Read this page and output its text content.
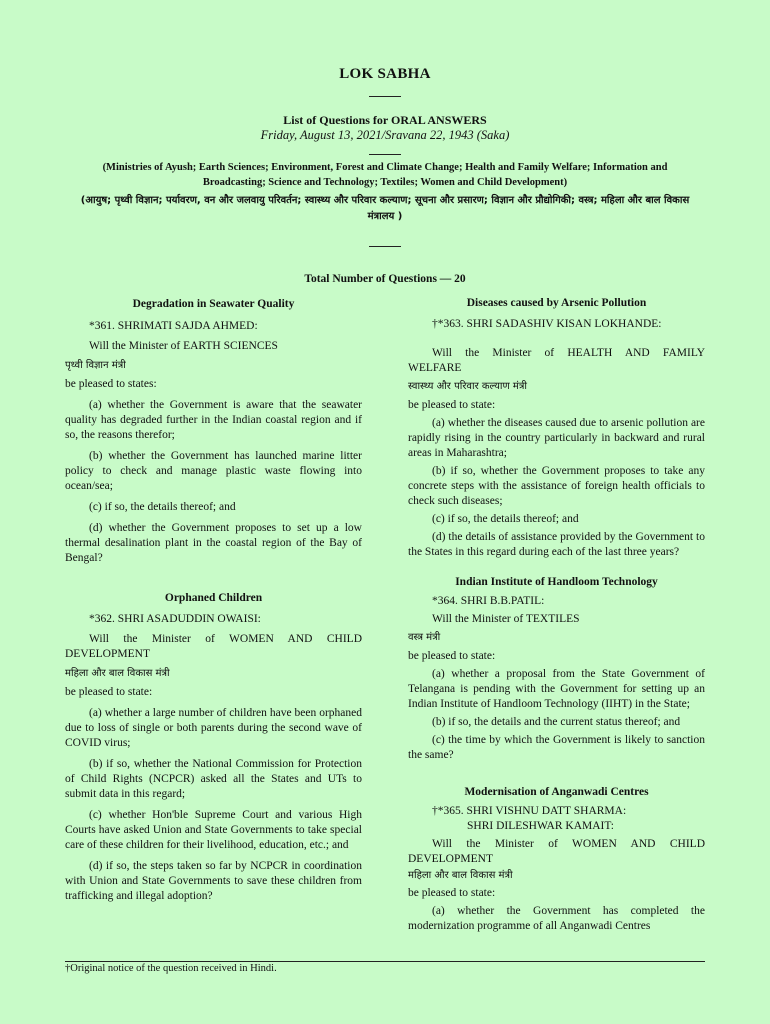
LOK SABHA
List of Questions for ORAL ANSWERS
Friday, August 13, 2021/Sravana 22, 1943 (Saka)
(Ministries of Ayush; Earth Sciences; Environment, Forest and Climate Change; Health and Family Welfare; Information and Broadcasting; Science and Technology; Textiles; Women and Child Development)
(आयुष; पृथ्वी विज्ञान; पर्यावरण, वन और जलवायु परिवर्तन; स्वास्थ्य और परिवार कल्याण; सूचना और प्रसारण; विज्ञान और प्रौद्योगिकी; वस्त्र; महिला और बाल विकास मंत्रालय )
Total Number of Questions — 20

Degradation in Seawater Quality

*361. SHRIMATI SAJDA AHMED:

Will the Minister of EARTH SCIENCES

पृथ्वी विज्ञान मंत्री

be pleased to states:

(a) whether the Government is aware that the seawater quality has degraded further in the Indian coastal region and if so, the reasons therefor;

(b) whether the Government has launched marine litter policy to check and manage plastic waste flowing into ocean/sea;

(c) if so, the details thereof; and

(d) whether the Government proposes to set up a low thermal desalination plant in the coastal region of the Bay of Bengal?

Orphaned Children

*362. SHRI ASADUDDIN OWAISI:

Will the Minister of WOMEN AND CHILD

DEVELOPMENT

महिला और बाल विकास मंत्री

be pleased to state:

(a) whether a large number of children have been orphaned due to loss of single or both parents during the second wave of COVID virus;

(b) if so, whether the National Commission for Protection of Child Rights (NCPCR) asked all the States and UTs to submit data in this regard;

(c) whether Hon'ble Supreme Court and various High Courts have asked Union and State Governments to take special care of these children for their livelihood, education, etc.; and

(d) if so, the steps taken so far by NCPCR in coordination with Union and State Governments to save these children from trafficking and illegal adoption?

Diseases caused by Arsenic Pollution

†*363. SHRI SADASHIV KISAN LOKHANDE:

Will the Minister of HEALTH AND FAMILY

WELFARE

स्वास्थ्य और परिवार कल्याण मंत्री

be pleased to state:

(a) whether the diseases caused due to arsenic pollution are rapidly rising in the country particularly in backward and rural areas in Maharashtra;

(b) if so, whether the Government proposes to take any concrete steps with the assistance of foreign health officials to check such diseases;

(c) if so, the details thereof; and

(d) the details of assistance provided by the Government to the States in this regard during each of the last three years?

Indian Institute of Handloom Technology

*364. SHRI B.B.PATIL:

Will the Minister of TEXTILES

वस्त्र मंत्री

be pleased to state:

(a) whether a proposal from the State Government of Telangana is pending with the Government for setting up an Indian Institute of Handloom Technology (IIHT) in the State;

(b) if so, the details and the current status thereof; and

(c) the time by which the Government is likely to sanction the same?

Modernisation of Anganwadi Centres

†*365. SHRI VISHNU DATT SHARMA:

SHRI DILESHWAR KAMAIT:

Will the Minister of WOMEN AND CHILD

DEVELOPMENT

महिला और बाल विकास मंत्री

be pleased to state:

(a) whether the Government has completed the modernization programme of all Anganwadi Centres

†Original notice of the question received in Hindi.
